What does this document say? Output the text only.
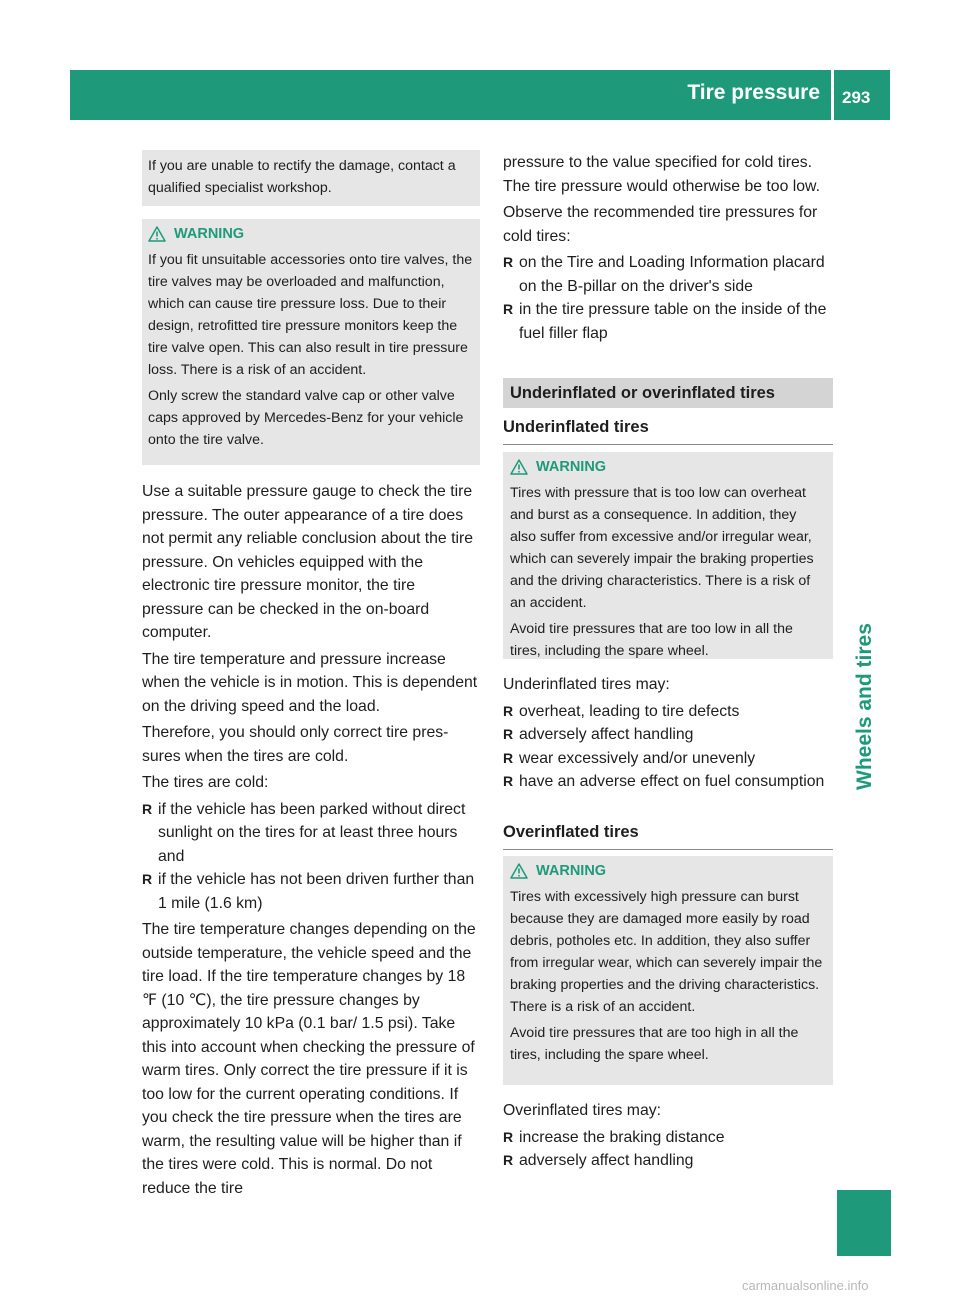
Tire pressure 293
Wheels and tires

If you are unable to rectify the damage, contact a qualified specialist workshop.

WARNING

If you fit unsuitable accessories onto tire valves, the tire valves may be overloaded and malfunction, which can cause tire pressure loss. Due to their design, retrofitted tire pressure monitors keep the tire valve open. This can also result in tire pressure loss. There is a risk of an accident.

Only screw the standard valve cap or other valve caps approved by Mercedes-Benz for your vehicle onto the tire valve.

Use a suitable pressure gauge to check the tire pressure. The outer appearance of a tire does not permit any reliable conclusion about the tire pressure. On vehicles equipped with the electronic tire pressure monitor, the tire pressure can be checked in the on-board computer.

The tire temperature and pressure increase when the vehicle is in motion. This is dependent on the driving speed and the load.

Therefore, you should only correct tire pressures when the tires are cold.

The tires are cold:

R if the vehicle has been parked without direct sunlight on the tires for at least three hours and
R if the vehicle has not been driven further than 1 mile (1.6 km)

The tire temperature changes depending on the outside temperature, the vehicle speed and the tire load. If the tire temperature changes by 18 ℉ (10 ℃), the tire pressure changes by approximately 10 kPa (0.1 bar/ 1.5 psi). Take this into account when checking the pressure of warm tires. Only correct the tire pressure if it is too low for the current operating conditions. If you check the tire pressure when the tires are warm, the resulting value will be higher than if the tires were cold. This is normal. Do not reduce the tire

pressure to the value specified for cold tires. The tire pressure would otherwise be too low.

Observe the recommended tire pressures for cold tires:

R on the Tire and Loading Information placard on the B-pillar on the driver's side
R in the tire pressure table on the inside of the fuel filler flap
Underinflated or overinflated tires
Underinflated tires
WARNING

Tires with pressure that is too low can overheat and burst as a consequence. In addition, they also suffer from excessive and/or irregular wear, which can severely impair the braking properties and the driving characteristics. There is a risk of an accident.

Avoid tire pressures that are too low in all the tires, including the spare wheel.

Underinflated tires may:

R overheat, leading to tire defects
R adversely affect handling
R wear excessively and/or unevenly
R have an adverse effect on fuel consumption
Overinflated tires
WARNING

Tires with excessively high pressure can burst because they are damaged more easily by road debris, potholes etc. In addition, they also suffer from irregular wear, which can severely impair the braking properties and the driving characteristics. There is a risk of an accident.

Avoid tire pressures that are too high in all the tires, including the spare wheel.

Overinflated tires may:

R increase the braking distance
R adversely affect handling
carmanualsonline.info
